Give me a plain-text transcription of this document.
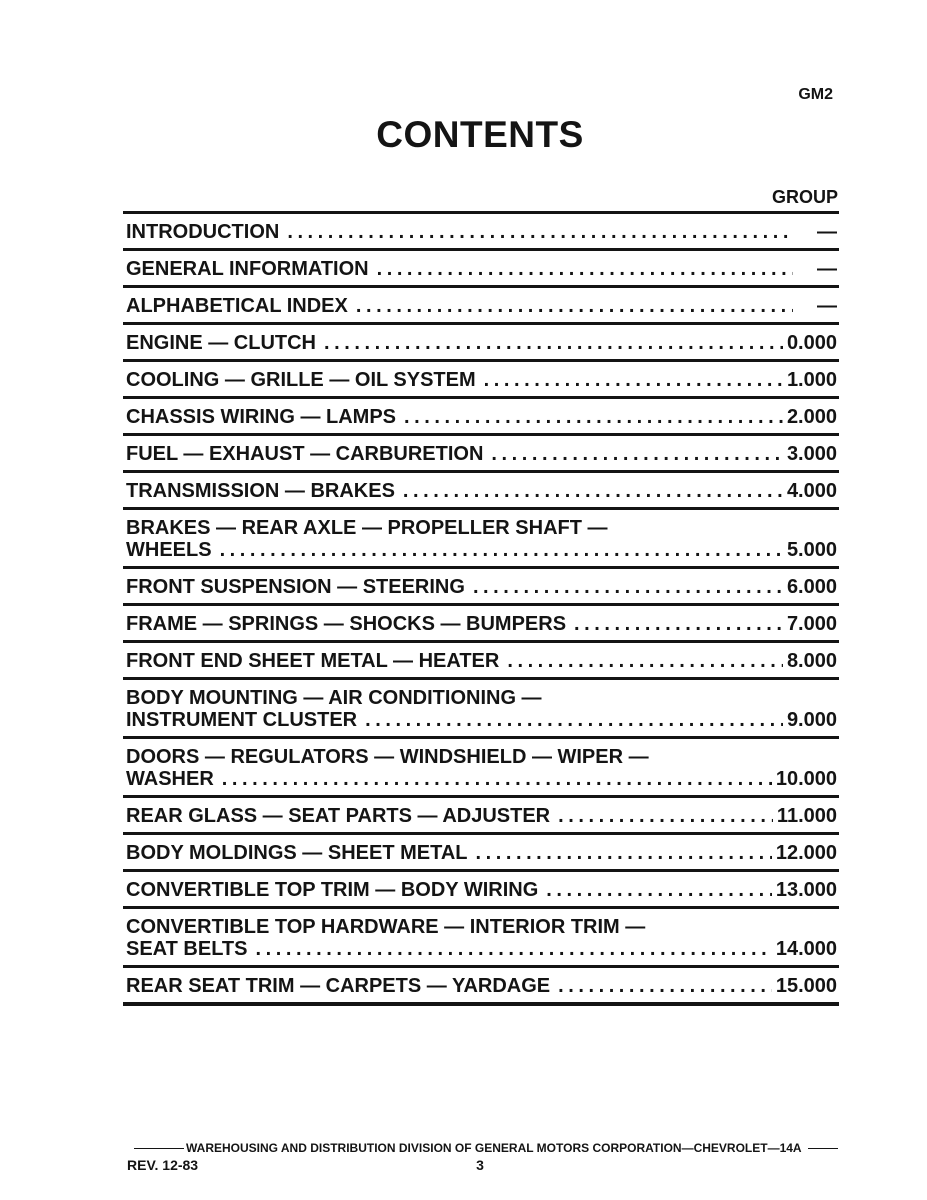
GM2
CONTENTS
GROUP
INTRODUCTION . . .	—
GENERAL INFORMATION . . .	—
ALPHABETICAL INDEX . . .	—
ENGINE — CLUTCH . . .	0.000
COOLING — GRILLE — OIL SYSTEM . . .	1.000
CHASSIS WIRING — LAMPS . . .	2.000
FUEL — EXHAUST — CARBURETION . . .	3.000
TRANSMISSION — BRAKES . . .	4.000
BRAKES — REAR AXLE — PROPELLER SHAFT —
WHEELS . . .	5.000
FRONT SUSPENSION — STEERING . . .	6.000
FRAME — SPRINGS — SHOCKS — BUMPERS . . .	7.000
FRONT END SHEET METAL — HEATER . . .	8.000
BODY MOUNTING — AIR CONDITIONING —
INSTRUMENT CLUSTER . . .	9.000
DOORS — REGULATORS — WINDSHIELD — WIPER —
WASHER . . .	10.000
REAR GLASS — SEAT PARTS — ADJUSTER . . .	11.000
BODY MOLDINGS — SHEET METAL . . .	12.000
CONVERTIBLE TOP TRIM — BODY WIRING . . .	13.000
CONVERTIBLE TOP HARDWARE — INTERIOR TRIM —
SEAT BELTS . . .	14.000
REAR SEAT TRIM — CARPETS — YARDAGE . . .	15.000
WAREHOUSING AND DISTRIBUTION DIVISION OF GENERAL MOTORS CORPORATION—CHEVROLET—14A
REV. 12-83	3
